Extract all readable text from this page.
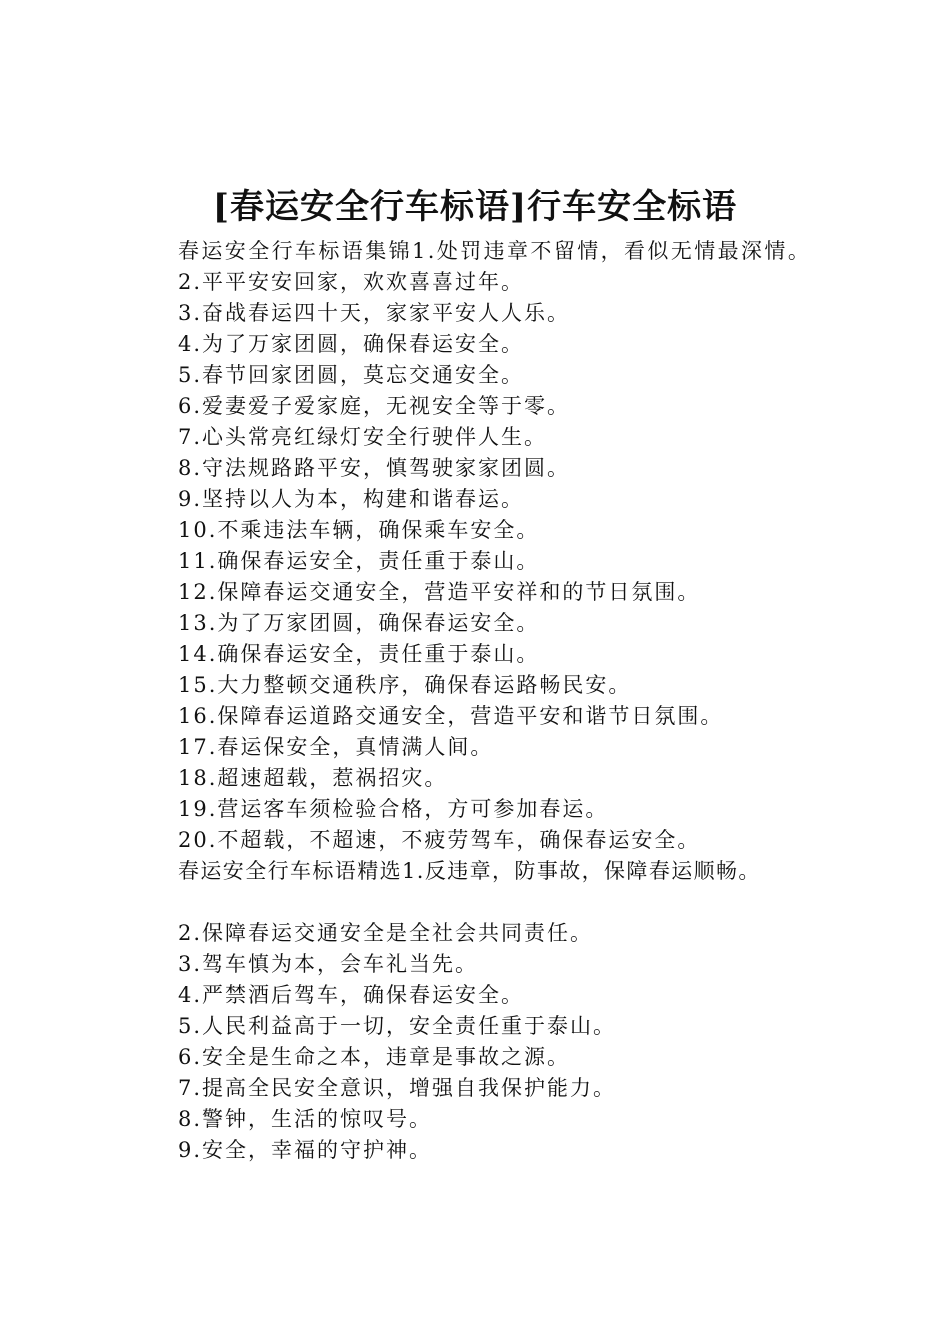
[春运安全行车标语]行车安全标语

春运安全行车标语集锦1.处罚违章不留情，看似无情最深情。

2.平平安安回家，欢欢喜喜过年。

3.奋战春运四十天，家家平安人人乐。

4.为了万家团圆，确保春运安全。

5.春节回家团圆，莫忘交通安全。

6.爱妻爱子爱家庭，无视安全等于零。

7.心头常亮红绿灯安全行驶伴人生。

8.守法规路路平安，慎驾驶家家团圆。

9.坚持以人为本，构建和谐春运。

10.不乘违法车辆，确保乘车安全。

11.确保春运安全，责任重于泰山。

12.保障春运交通安全，营造平安祥和的节日氛围。

13.为了万家团圆，确保春运安全。

14.确保春运安全，责任重于泰山。

15.大力整顿交通秩序，确保春运路畅民安。

16.保障春运道路交通安全，营造平安和谐节日氛围。

17.春运保安全，真情满人间。

18.超速超载，惹祸招灾。

19.营运客车须检验合格，方可参加春运。

20.不超载，不超速，不疲劳驾车，确保春运安全。

春运安全行车标语精选1.反违章，防事故，保障春运顺畅。

2.保障春运交通安全是全社会共同责任。

3.驾车慎为本，会车礼当先。

4.严禁酒后驾车，确保春运安全。

5.人民利益高于一切，安全责任重于泰山。

6.安全是生命之本，违章是事故之源。

7.提高全民安全意识，增强自我保护能力。

8.警钟，生活的惊叹号。

9.安全，幸福的守护神。
